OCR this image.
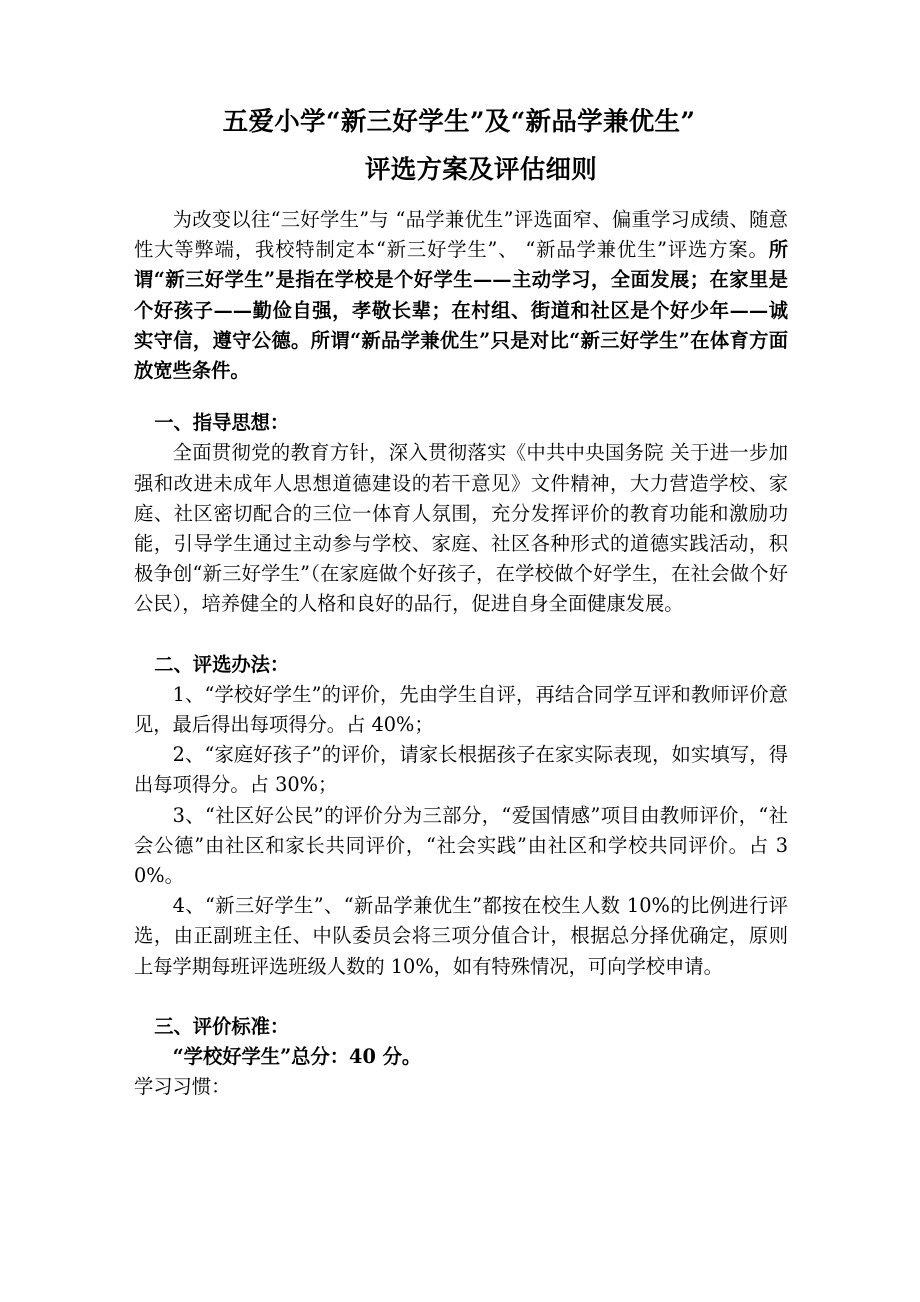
五爱小学“新三好学生”及“新品学兼优生”
评选方案及评估细则

为改变以往“三好学生”与 “品学兼优生”评选面窄、偏重学习成绩、随意性大等弊端，我校特制定本“新三好学生”、 “新品学兼优生”评选方案。所谓“新三好学生”是指在学校是个好学生——主动学习，全面发展；在家里是个好孩子——勤俭自强，孝敬长辈；在村组、街道和社区是个好少年——诚实守信，遵守公德。所谓“新品学兼优生”只是对比“新三好学生”在体育方面放宽些条件。

一、指导思想：

全面贯彻党的教育方针，深入贯彻落实《中共中央国务院 关于进一步加强和改进未成年人思想道德建设的若干意见》文件精神，大力营造学校、家庭、社区密切配合的三位一体育人氛围，充分发挥评价的教育功能和激励功能，引导学生通过主动参与学校、家庭、社区各种形式的道德实践活动，积极争创“新三好学生”（在家庭做个好孩子，在学校做个好学生，在社会做个好公民），培养健全的人格和良好的品行，促进自身全面健康发展。

二、评选办法：

1、“学校好学生”的评价，先由学生自评，再结合同学互评和教师评价意见，最后得出每项得分。占 40%；

2、“家庭好孩子”的评价，请家长根据孩子在家实际表现，如实填写，得出每项得分。占 30%；

3、“社区好公民”的评价分为三部分，“爱国情感”项目由教师评价，“社会公德”由社区和家长共同评价，“社会实践”由社区和学校共同评价。占 30%。

4、“新三好学生”、“新品学兼优生”都按在校生人数 10%的比例进行评选，由正副班主任、中队委员会将三项分值合计，根据总分择优确定，原则上每学期每班评选班级人数的 10%，如有特殊情况，可向学校申请。

三、评价标准：

“学校好学生”总分：40 分。

学习习惯：
